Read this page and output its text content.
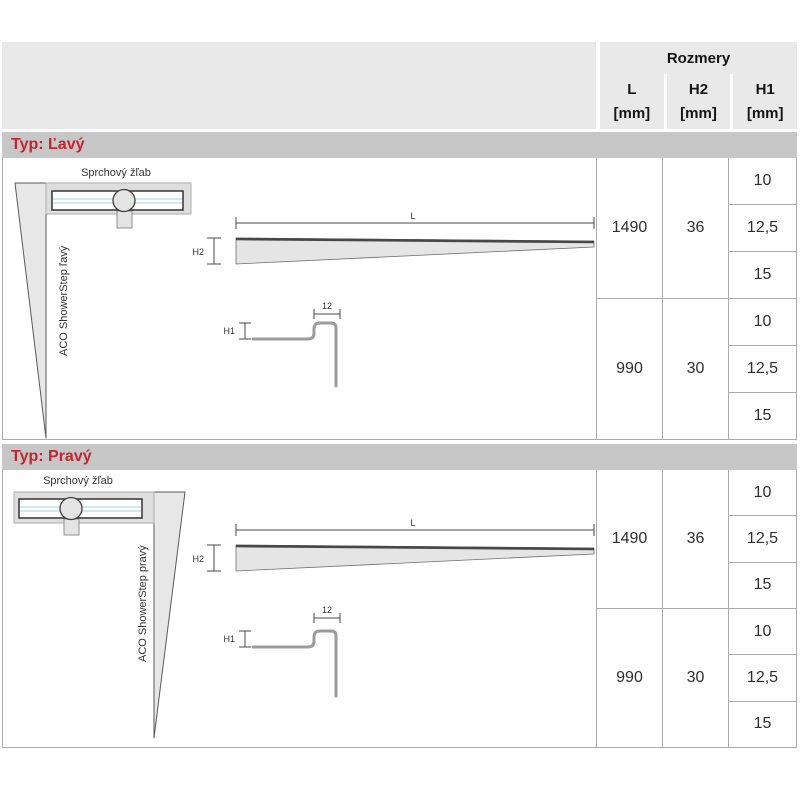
Rozmery
L
[mm]
H2
[mm]
H1
[mm]
Typ: Ľavý
Sprchový žľab
ACO ShowerStep ľavý
L
H2
12
H1
1490
990
36
30
10
12,5
15
10
12,5
15
Typ: Pravý
Sprchový žľab
ACO ShowerStep pravý
L
H2
12
H1
1490
990
36
30
10
12,5
15
10
12,5
15
